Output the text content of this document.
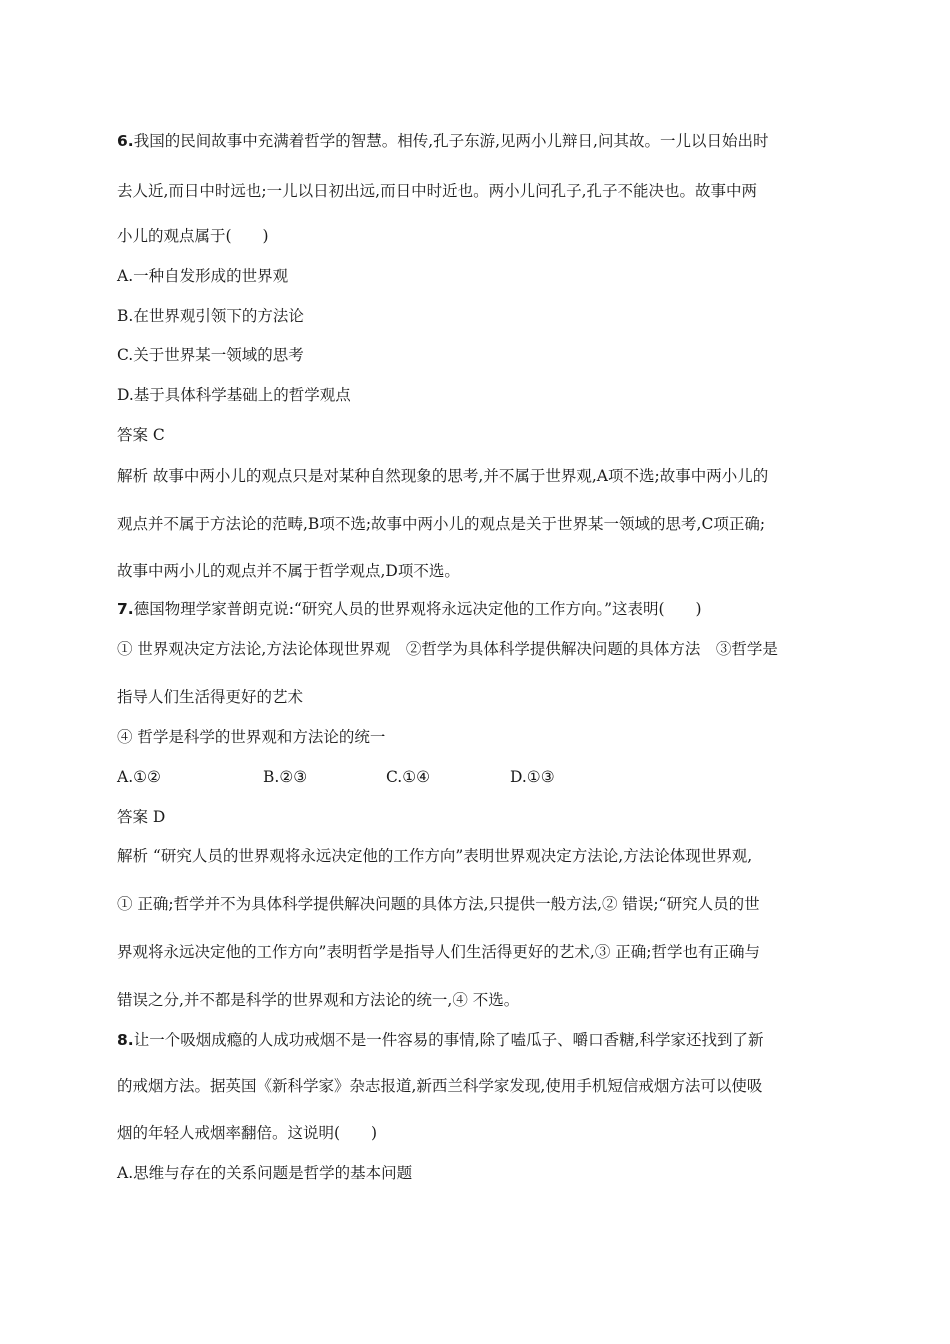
6.我国的民间故事中充满着哲学的智慧。相传,孔子东游,见两小儿辩日,问其故。一儿以日始出时
去人近,而日中时远也;一儿以日初出远,而日中时近也。两小儿问孔子,孔子不能决也。故事中两
小儿的观点属于(　　)
A.一种自发形成的世界观
B.在世界观引领下的方法论
C.关于世界某一领域的思考
D.基于具体科学基础上的哲学观点
答案 C
解析 故事中两小儿的观点只是对某种自然现象的思考,并不属于世界观,A项不选;故事中两小儿的
观点并不属于方法论的范畴,B项不选;故事中两小儿的观点是关于世界某一领域的思考,C项正确;
故事中两小儿的观点并不属于哲学观点,D项不选。
7.德国物理学家普朗克说:“研究人员的世界观将永远决定他的工作方向。”这表明(　　)
① 世界观决定方法论,方法论体现世界观　②哲学为具体科学提供解决问题的具体方法　③哲学是
指导人们生活得更好的艺术
④ 哲学是科学的世界观和方法论的统一
A.①②	B.②③	C.①④	D.①③
答案 D
解析 “研究人员的世界观将永远决定他的工作方向”表明世界观决定方法论,方法论体现世界观,
① 正确;哲学并不为具体科学提供解决问题的具体方法,只提供一般方法,② 错误;“研究人员的世
界观将永远决定他的工作方向”表明哲学是指导人们生活得更好的艺术,③ 正确;哲学也有正确与
错误之分,并不都是科学的世界观和方法论的统一,④ 不选。
8.让一个吸烟成瘾的人成功戒烟不是一件容易的事情,除了嗑瓜子、嚼口香糖,科学家还找到了新
的戒烟方法。据英国《新科学家》杂志报道,新西兰科学家发现,使用手机短信戒烟方法可以使吸
烟的年轻人戒烟率翻倍。这说明(　　)
A.思维与存在的关系问题是哲学的基本问题
